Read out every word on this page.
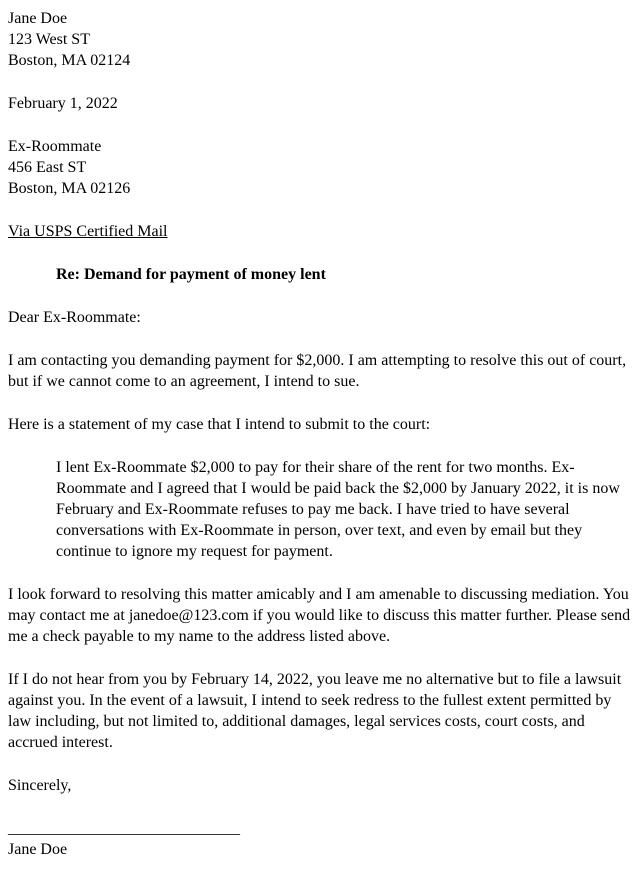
Jane Doe
123 West ST
Boston, MA 02124
February 1, 2022
Ex-Roommate
456 East ST
Boston, MA 02126
Via USPS Certified Mail
Re: Demand for payment of money lent
Dear Ex-Roommate:
I am contacting you demanding payment for $2,000. I am attempting to resolve this out of court, but if we cannot come to an agreement, I intend to sue.
Here is a statement of my case that I intend to submit to the court:
I lent Ex-Roommate $2,000 to pay for their share of the rent for two months. Ex-Roommate and I agreed that I would be paid back the $2,000 by January 2022, it is now February and Ex-Roommate refuses to pay me back. I have tried to have several conversations with Ex-Roommate in person, over text, and even by email but they continue to ignore my request for payment.
I look forward to resolving this matter amicably and I am amenable to discussing mediation. You may contact me at janedoe@123.com if you would like to discuss this matter further. Please send me a check payable to my name to the address listed above.
If I do not hear from you by February 14, 2022, you leave me no alternative but to file a lawsuit against you. In the event of a lawsuit, I intend to seek redress to the fullest extent permitted by law including, but not limited to, additional damages, legal services costs, court costs, and accrued interest.
Sincerely,
_____________________________
Jane Doe
